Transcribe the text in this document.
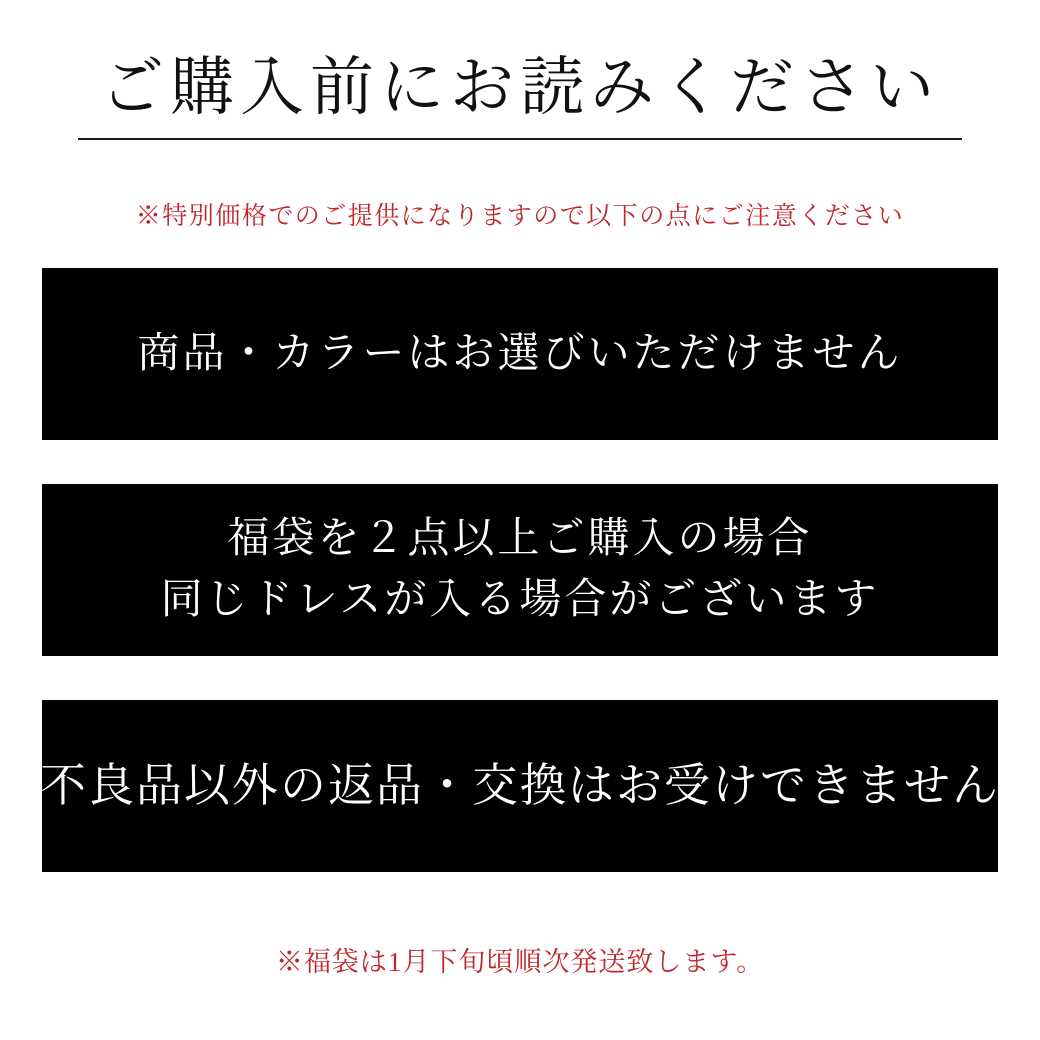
ご購入前にお読みください
※特別価格でのご提供になりますので以下の点にご注意ください
商品・カラーはお選びいただけません
福袋を２点以上ご購入の場合
同じドレスが入る場合がございます
不良品以外の返品・交換はお受けできません
※福袋は1月下旬頃順次発送致します。
